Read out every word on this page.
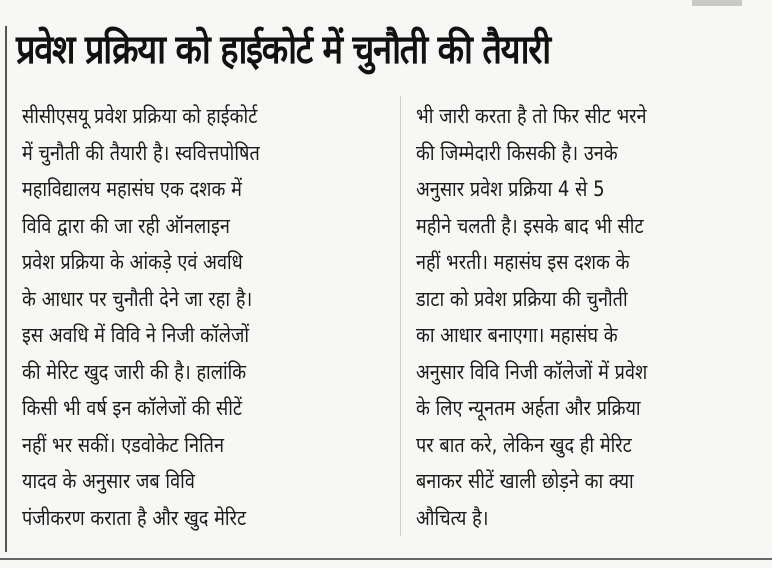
प्रवेश प्रक्रिया को हाईकोर्ट में चुनौती की तैयारी
सीसीएसयू प्रवेश प्रक्रिया को हाईकोर्ट
में चुनौती की तैयारी है। स्ववित्तपोषित
महाविद्यालय महासंघ एक दशक में
विवि द्वारा की जा रही ऑनलाइन
प्रवेश प्रक्रिया के आंकड़े एवं अवधि
के आधार पर चुनौती देने जा रहा है।
इस अवधि में विवि ने निजी कॉलेजों
की मेरिट खुद जारी की है। हालांकि
किसी भी वर्ष इन कॉलेजों की सीटें
नहीं भर सकीं। एडवोकेट नितिन
यादव के अनुसार जब विवि
पंजीकरण कराता है और खुद मेरिट
भी जारी करता है तो फिर सीट भरने
की जिम्मेदारी किसकी है। उनके
अनुसार प्रवेश प्रक्रिया 4 से 5
महीने चलती है। इसके बाद भी सीट
नहीं भरती। महासंघ इस दशक के
डाटा को प्रवेश प्रक्रिया की चुनौती
का आधार बनाएगा। महासंघ के
अनुसार विवि निजी कॉलेजों में प्रवेश
के लिए न्यूनतम अर्हता और प्रक्रिया
पर बात करे, लेकिन खुद ही मेरिट
बनाकर सीटें खाली छोड़ने का क्या
औचित्य है।
